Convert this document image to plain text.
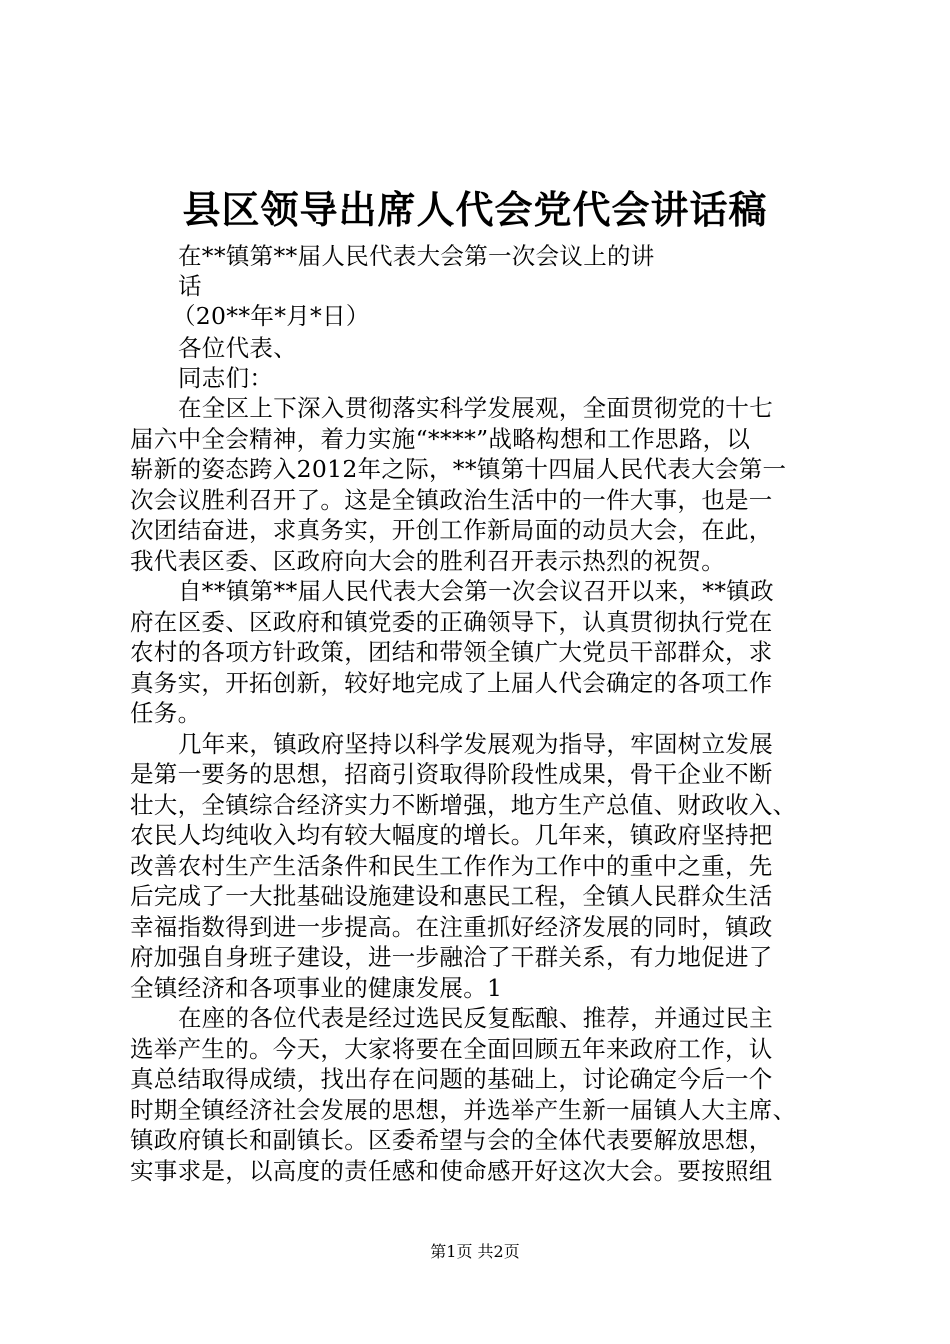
县区领导出席人代会党代会讲话稿
在**镇第**届人民代表大会第一次会议上的讲
话
（20**年*月*日）
各位代表、
同志们：
在全区上下深入贯彻落实科学发展观，全面贯彻党的十七
届六中全会精神，着力实施“****”战略构想和工作思路，以
崭新的姿态跨入2012年之际，**镇第十四届人民代表大会第一
次会议胜利召开了。这是全镇政治生活中的一件大事，也是一
次团结奋进，求真务实，开创工作新局面的动员大会，在此，
我代表区委、区政府向大会的胜利召开表示热烈的祝贺。
自**镇第**届人民代表大会第一次会议召开以来，**镇政
府在区委、区政府和镇党委的正确领导下，认真贯彻执行党在
农村的各项方针政策，团结和带领全镇广大党员干部群众，求
真务实，开拓创新，较好地完成了上届人代会确定的各项工作
任务。
几年来，镇政府坚持以科学发展观为指导，牢固树立发展
是第一要务的思想，招商引资取得阶段性成果，骨干企业不断
壮大，全镇综合经济实力不断增强，地方生产总值、财政收入、
农民人均纯收入均有较大幅度的增长。几年来，镇政府坚持把
改善农村生产生活条件和民生工作作为工作中的重中之重，先
后完成了一大批基础设施建设和惠民工程，全镇人民群众生活
幸福指数得到进一步提高。在注重抓好经济发展的同时，镇政
府加强自身班子建设，进一步融洽了干群关系，有力地促进了
全镇经济和各项事业的健康发展。1
在座的各位代表是经过选民反复酝酿、推荐，并通过民主
选举产生的。今天，大家将要在全面回顾五年来政府工作，认
真总结取得成绩，找出存在问题的基础上，讨论确定今后一个
时期全镇经济社会发展的思想，并选举产生新一届镇人大主席、
镇政府镇长和副镇长。区委希望与会的全体代表要解放思想，
实事求是，以高度的责任感和使命感开好这次大会。要按照组
第1页 共2页
